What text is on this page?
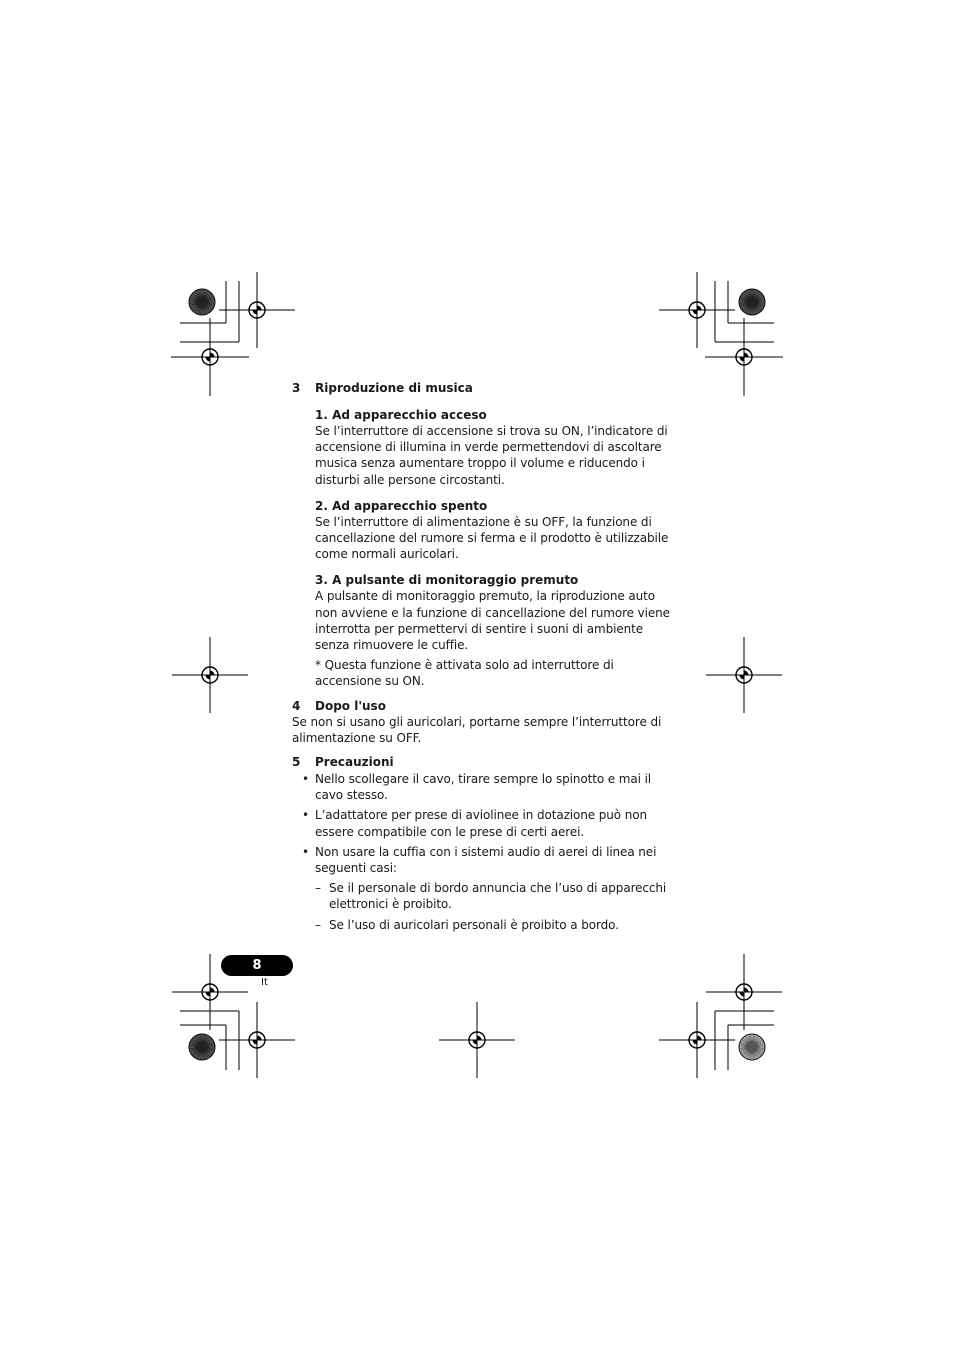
3	Riproduzione di musica

1. Ad apparecchio acceso

Se l’interruttore di accensione si trova su ON, l’indicatore di accensione di illumina in verde permettendovi di ascoltare musica senza aumentare troppo il volume e riducendo i disturbi alle persone circostanti.

2. Ad apparecchio spento

Se l’interruttore di alimentazione è su OFF, la funzione di cancellazione del rumore si ferma e il prodotto è utilizzabile come normali auricolari.

3. A pulsante di monitoraggio premuto

A pulsante di monitoraggio premuto, la riproduzione auto non avviene e la funzione di cancellazione del rumore viene interrotta per permettervi di sentire i suoni di ambiente senza rimuovere le cuffie.

* Questa funzione è attivata solo ad interruttore di accensione su ON.

4	Dopo l'uso

Se non si usano gli auricolari, portarne sempre l’interruttore di alimentazione su OFF.

5	Precauzioni

• Nello scollegare il cavo, tirare sempre lo spinotto e mai il cavo stesso.
• L’adattatore per prese di aviolinee in dotazione può non essere compatibile con le prese di certi aerei.
• Non usare la cuffia con i sistemi audio di aerei di linea nei seguenti casi:
– Se il personale di bordo annuncia che l’uso di apparecchi elettronici è proibito.
– Se l’uso di auricolari personali è proibito a bordo.
8
It
